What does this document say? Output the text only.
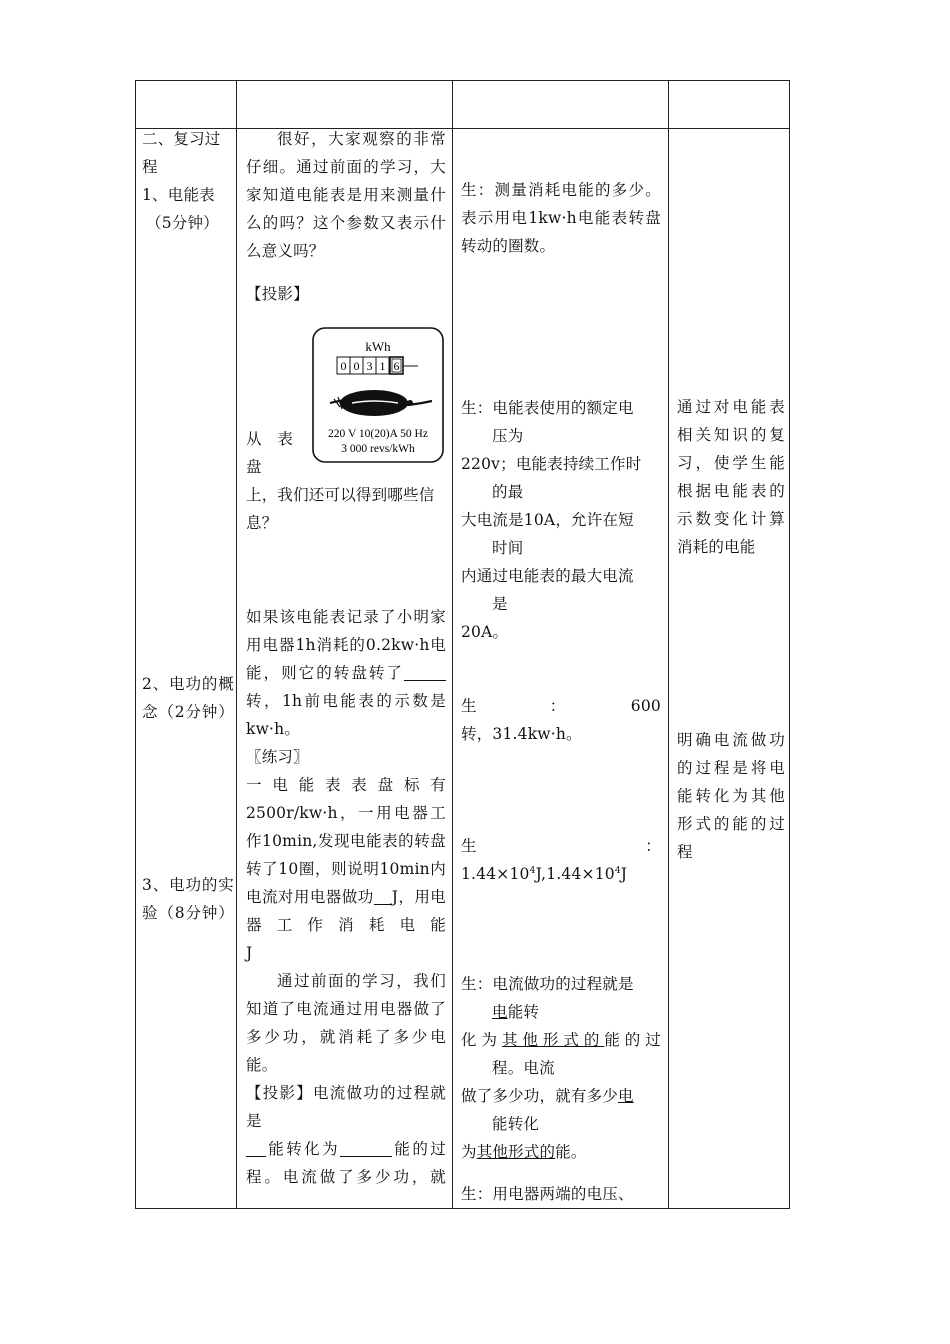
二、复习过程

1、电能表

（5分钟）

2、电功的概念（2分钟）

3、电功的实验（8分钟）

很好，大家观察的非常仔细。通过前面的学习，大家知道电能表是用来测量什么的吗？这个参数又表示什么意义吗？

【投影】
kWh
0 0 3 1 6
220 V 10(20)A 50 Hz
3 000 revs/kWh
从　表
盘

上，我们还可以得到哪些信息？

如果该电能表记录了小明家用电器1h消耗的0.2kw·h电能，则它的转盘转了转，1h前电能表的示数是

kw·h。

〖练习〗

一电能表表盘标有2500r/kw·h，一用电器工作10min,发现电能表的转盘转了10圈，则说明10min内电流对用电器做功 J，用电器工作消耗电能

J

通过前面的学习，我们知道了电流通过用电器做了多少功，就消耗了多少电能。

【投影】电流做功的过程就是

能转化为	能的过程。电流做了多少功，就

生：测量消耗电能的多少。表示用电1kw·h电能表转盘转动的圈数。

生：电能表使用的额定电

压为

220v；电能表持续工作时

的最

大电流是10A，允许在短

时间

内通过电能表的最大电流

是

20A。

生　　：　　600

转，31.4kw·h。

生　　　　　　：

$1.44\times 10^4J,1.44\times 10^4J$

生：电流做功的过程就是

电能转

化为其他形式的能的过

程。电流

做了多少功，就有多少电

能转化

为其他形式的能。

生：用电器两端的电压、

通过对电能表相关知识的复习，使学生能根据电能表的示数变化计算消耗的电能

明确电流做功的过程是将电能转化为其他形式的能的过程
